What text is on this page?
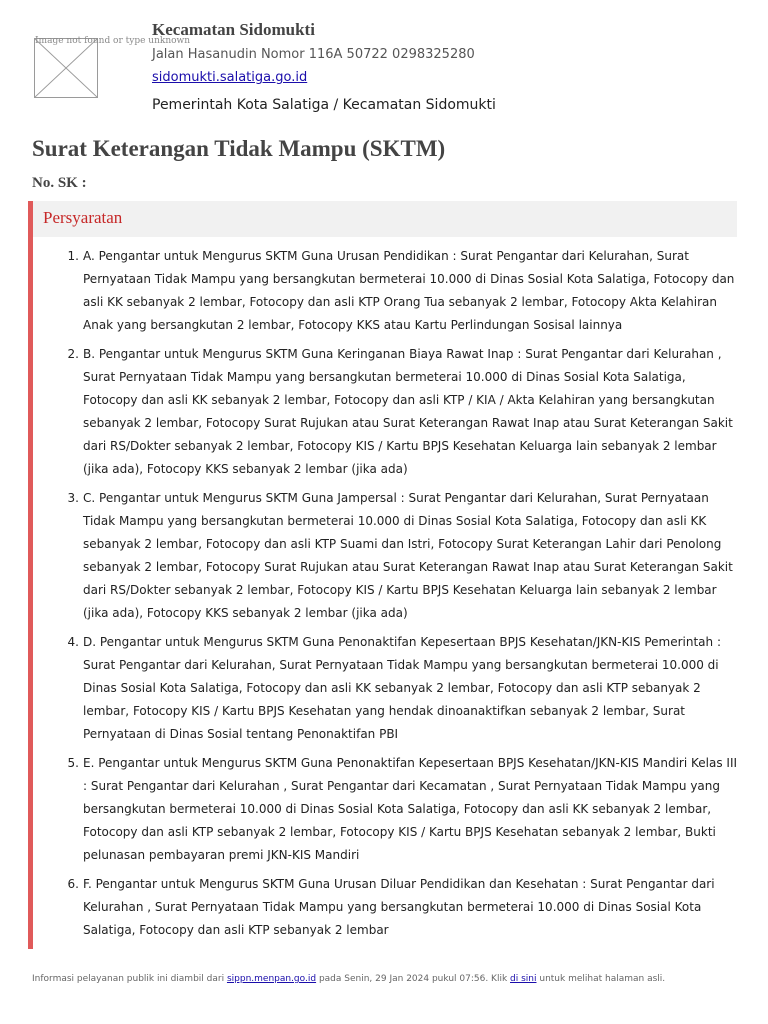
Image not found or type unknown
Kecamatan Sidomukti
Jalan Hasanudin Nomor 116A 50722 0298325280
sidomukti.salatiga.go.id
Pemerintah Kota Salatiga / Kecamatan Sidomukti
Surat Keterangan Tidak Mampu (SKTM)
No. SK :
Persyaratan
1. A. Pengantar untuk Mengurus SKTM Guna Urusan Pendidikan : Surat Pengantar dari Kelurahan, Surat Pernyataan Tidak Mampu yang bersangkutan bermeterai 10.000 di Dinas Sosial Kota Salatiga, Fotocopy dan asli KK sebanyak 2 lembar, Fotocopy dan asli KTP Orang Tua sebanyak 2 lembar, Fotocopy Akta Kelahiran Anak yang bersangkutan 2 lembar, Fotocopy KKS atau Kartu Perlindungan Sosisal lainnya
2. B. Pengantar untuk Mengurus SKTM Guna Keringanan Biaya Rawat Inap : Surat Pengantar dari Kelurahan , Surat Pernyataan Tidak Mampu yang bersangkutan bermeterai 10.000 di Dinas Sosial Kota Salatiga, Fotocopy dan asli KK sebanyak 2 lembar, Fotocopy dan asli KTP / KIA / Akta Kelahiran yang bersangkutan sebanyak 2 lembar, Fotocopy Surat Rujukan atau Surat Keterangan Rawat Inap atau Surat Keterangan Sakit dari RS/Dokter sebanyak 2 lembar, Fotocopy KIS / Kartu BPJS Kesehatan Keluarga lain sebanyak 2 lembar (jika ada), Fotocopy KKS sebanyak 2 lembar (jika ada)
3. C. Pengantar untuk Mengurus SKTM Guna Jampersal : Surat Pengantar dari Kelurahan, Surat Pernyataan Tidak Mampu yang bersangkutan bermeterai 10.000 di Dinas Sosial Kota Salatiga, Fotocopy dan asli KK sebanyak 2 lembar, Fotocopy dan asli KTP Suami dan Istri, Fotocopy Surat Keterangan Lahir dari Penolong sebanyak 2 lembar, Fotocopy Surat Rujukan atau Surat Keterangan Rawat Inap atau Surat Keterangan Sakit dari RS/Dokter sebanyak 2 lembar, Fotocopy KIS / Kartu BPJS Kesehatan Keluarga lain sebanyak 2 lembar (jika ada), Fotocopy KKS sebanyak 2 lembar (jika ada)
4. D. Pengantar untuk Mengurus SKTM Guna Penonaktifan Kepesertaan BPJS Kesehatan/JKN-KIS Pemerintah : Surat Pengantar dari Kelurahan, Surat Pernyataan Tidak Mampu yang bersangkutan bermeterai 10.000 di Dinas Sosial Kota Salatiga, Fotocopy dan asli KK sebanyak 2 lembar, Fotocopy dan asli KTP sebanyak 2 lembar, Fotocopy KIS / Kartu BPJS Kesehatan yang hendak dinoanaktifkan sebanyak 2 lembar, Surat Pernyataan di Dinas Sosial tentang Penonaktifan PBI
5. E. Pengantar untuk Mengurus SKTM Guna Penonaktifan Kepesertaan BPJS Kesehatan/JKN-KIS Mandiri Kelas III : Surat Pengantar dari Kelurahan , Surat Pengantar dari Kecamatan , Surat Pernyataan Tidak Mampu yang bersangkutan bermeterai 10.000 di Dinas Sosial Kota Salatiga, Fotocopy dan asli KK sebanyak 2 lembar, Fotocopy dan asli KTP sebanyak 2 lembar, Fotocopy KIS / Kartu BPJS Kesehatan sebanyak 2 lembar, Bukti pelunasan pembayaran premi JKN-KIS Mandiri
6. F. Pengantar untuk Mengurus SKTM Guna Urusan Diluar Pendidikan dan Kesehatan : Surat Pengantar dari Kelurahan , Surat Pernyataan Tidak Mampu yang bersangkutan bermeterai 10.000 di Dinas Sosial Kota Salatiga, Fotocopy dan asli KTP sebanyak 2 lembar
Informasi pelayanan publik ini diambil dari sippn.menpan.go.id pada Senin, 29 Jan 2024 pukul 07:56. Klik di sini untuk melihat halaman asli.
